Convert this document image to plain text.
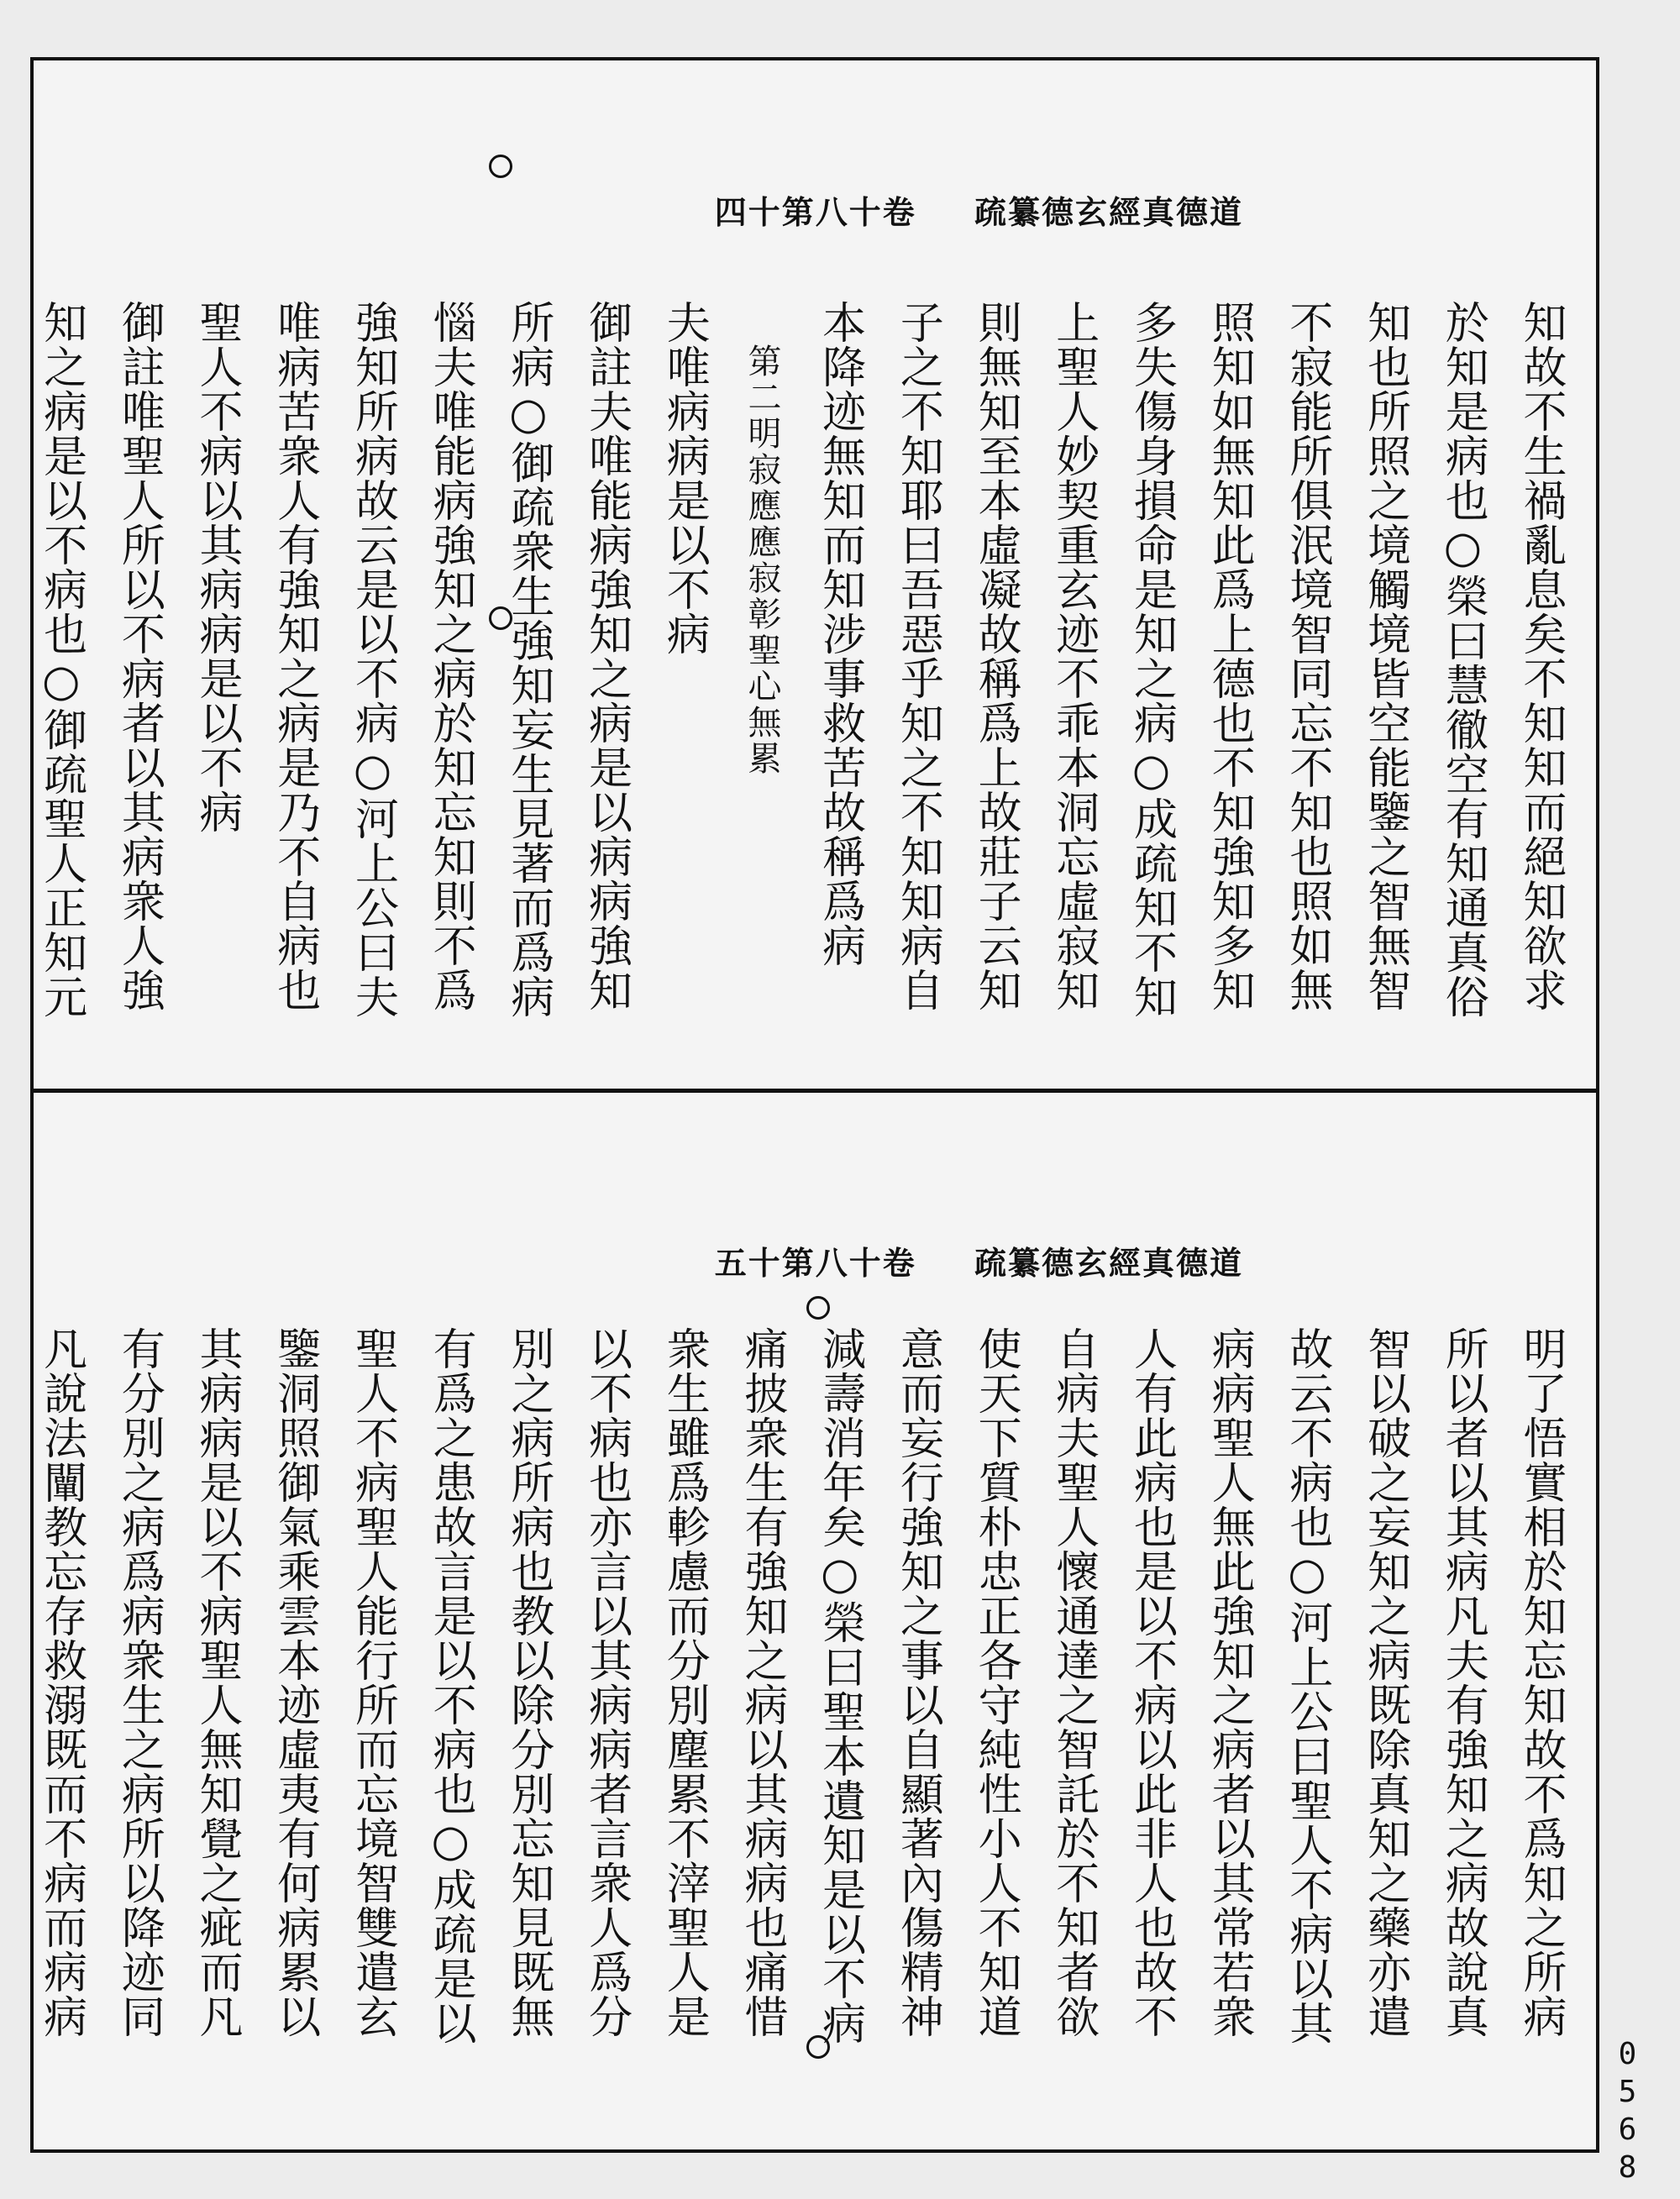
道德真經玄德纂疏 卷十八第十四
知故不生禍亂息矣不知知而絕知欲求
於知是病也○榮曰慧徹空有知通真俗
知也所照之境觸境皆空能鑒之智無智
不寂能所俱泯境智同忘不知也照如無
照知如無知此爲上德也不知強知多知
多失傷身損命是知之病○成疏知不知
上聖人妙契重玄迹不乖本洞忘虛寂知
則無知至本虛凝故稱爲上故莊子云知
子之不知耶曰吾惡乎知之不知知病自
本降迹無知而知涉事救苦故稱爲病
第二明寂應應寂彰聖心無累
夫唯病病是以不病
御註夫唯能病強知之病是以病病強知
所病○御疏衆生強知妄生見著而爲病
惱夫唯能病強知之病於知忘知則不爲
強知所病故云是以不病○河上公曰夫
唯病苦衆人有強知之病是乃不自病也
聖人不病以其病病是以不病
御註唯聖人所以不病者以其病衆人強
知之病是以不病也○御疏聖人正知元
道德真經玄德纂疏 卷十八第十五
明了悟實相於知忘知故不爲知之所病
所以者以其病凡夫有強知之病故說真
智以破之妄知之病既除真知之藥亦遣
故云不病也○河上公曰聖人不病以其
病病聖人無此強知之病者以其常若衆
人有此病也是以不病以此非人也故不
自病夫聖人懷通達之智託於不知者欲
使天下質朴忠正各守純性小人不知道
意而妄行強知之事以自顯著內傷精神
減壽消年矣○榮曰聖本遺知是以不病
痛披衆生有強知之病以其病病也痛惜
衆生雖爲軫慮而分別塵累不滓聖人是
以不病也亦言以其病病者言衆人爲分
別之病所病也教以除分別忘知見既無
有爲之患故言是以不病也○成疏是以
聖人不病聖人能行所而忘境智雙遣玄
鑒洞照御氣乘雲本迹虛夷有何病累以
其病病是以不病聖人無知覺之疵而凡
有分別之病爲病衆生之病所以降迹同
凡說法闡教忘存救溺既而不病而病病
0568
